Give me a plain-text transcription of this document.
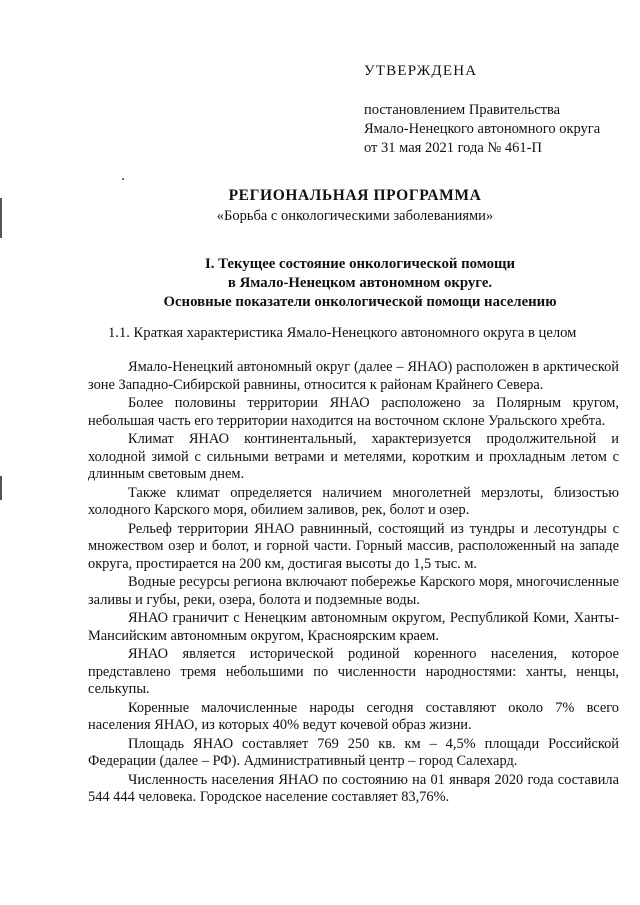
УТВЕРЖДЕНА
постановлением Правительства
Ямало-Ненецкого автономного округа
от 31 мая 2021 года № 461-П
РЕГИОНАЛЬНАЯ ПРОГРАММА
«Борьба с онкологическими заболеваниями»
I. Текущее состояние онкологической помощи
в Ямало-Ненецком автономном округе.
Основные показатели онкологической помощи населению
1.1. Краткая характеристика Ямало-Ненецкого автономного округа в целом

Ямало-Ненецкий автономный округ (далее – ЯНАО) расположен в арктической зоне Западно-Сибирской равнины, относится к районам Крайнего Севера.

Более половины территории ЯНАО расположено за Полярным кругом, небольшая часть его территории находится на восточном склоне Уральского хребта.

Климат ЯНАО континентальный, характеризуется продолжительной и холодной зимой с сильными ветрами и метелями, коротким и прохладным летом с длинным световым днем.

Также климат определяется наличием многолетней мерзлоты, близостью холодного Карского моря, обилием заливов, рек, болот и озер.

Рельеф территории ЯНАО равнинный, состоящий из тундры и лесотундры с множеством озер и болот, и горной части. Горный массив, расположенный на западе округа, простирается на 200 км, достигая высоты до 1,5 тыс. м.

Водные ресурсы региона включают побережье Карского моря, многочисленные заливы и губы, реки, озера, болота и подземные воды.

ЯНАО граничит с Ненецким автономным округом, Республикой Коми, Ханты-Мансийским автономным округом, Красноярским краем.

ЯНАО является исторической родиной коренного населения, которое представлено тремя небольшими по численности народностями: ханты, ненцы, селькупы.

Коренные малочисленные народы сегодня составляют около 7% всего населения ЯНАО, из которых 40% ведут кочевой образ жизни.

Площадь ЯНАО составляет 769 250 кв. км – 4,5% площади Российской Федерации (далее – РФ). Административный центр – город Салехард.

Численность населения ЯНАО по состоянию на 01 января 2020 года составила 544 444 человека. Городское население составляет 83,76%.
